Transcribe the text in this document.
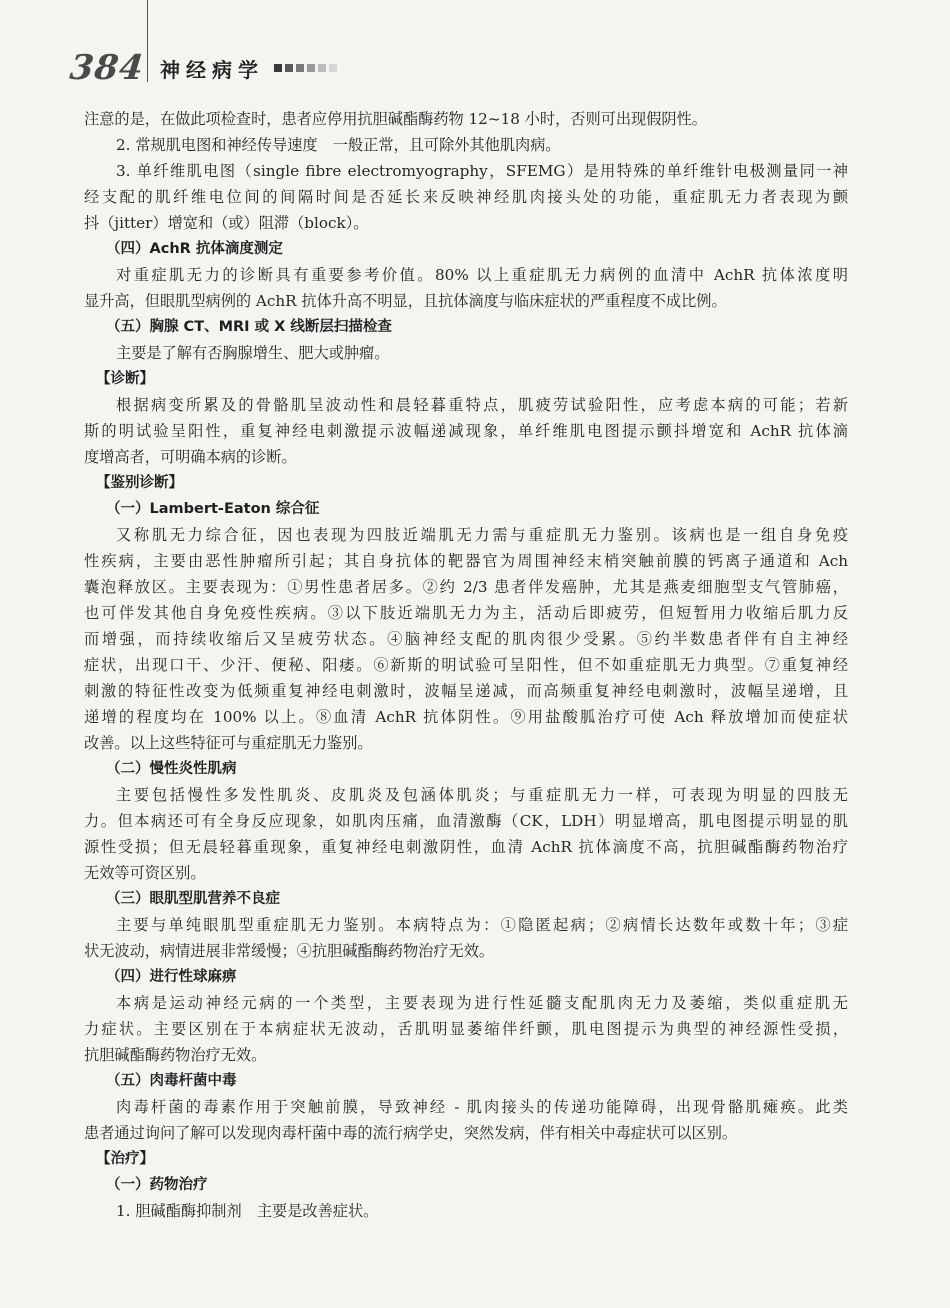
384 神经病学
注意的是，在做此项检查时，患者应停用抗胆碱酯酶药物 12~18 小时，否则可出现假阴性。
2. 常规肌电图和神经传导速度　一般正常，且可除外其他肌肉病。
3. 单纤维肌电图（single fibre electromyography，SFEMG）是用特殊的单纤维针电极测量同一神
经支配的肌纤维电位间的间隔时间是否延长来反映神经肌肉接头处的功能，重症肌无力者表现为颤
抖（jitter）增宽和（或）阻滞（block）。
（四）AchR 抗体滴度测定
对重症肌无力的诊断具有重要参考价值。80% 以上重症肌无力病例的血清中 AchR 抗体浓度明
显升高，但眼肌型病例的 AchR 抗体升高不明显，且抗体滴度与临床症状的严重程度不成比例。
（五）胸腺 CT、MRI 或 X 线断层扫描检查
主要是了解有否胸腺增生、肥大或肿瘤。
【诊断】
根据病变所累及的骨骼肌呈波动性和晨轻暮重特点，肌疲劳试验阳性，应考虑本病的可能；若新
斯的明试验呈阳性，重复神经电刺激提示波幅递减现象，单纤维肌电图提示颤抖增宽和 AchR 抗体滴
度增高者，可明确本病的诊断。
【鉴别诊断】
（一）Lambert-Eaton 综合征
又称肌无力综合征，因也表现为四肢近端肌无力需与重症肌无力鉴别。该病也是一组自身免疫
性疾病，主要由恶性肿瘤所引起；其自身抗体的靶器官为周围神经末梢突触前膜的钙离子通道和 Ach
囊泡释放区。主要表现为：①男性患者居多。②约 2/3 患者伴发癌肿，尤其是燕麦细胞型支气管肺癌，
也可伴发其他自身免疫性疾病。③以下肢近端肌无力为主，活动后即疲劳，但短暂用力收缩后肌力反
而增强，而持续收缩后又呈疲劳状态。④脑神经支配的肌肉很少受累。⑤约半数患者伴有自主神经
症状，出现口干、少汗、便秘、阳痿。⑥新斯的明试验可呈阳性，但不如重症肌无力典型。⑦重复神经
刺激的特征性改变为低频重复神经电刺激时，波幅呈递减，而高频重复神经电刺激时，波幅呈递增，且
递增的程度均在 100% 以上。⑧血清 AchR 抗体阴性。⑨用盐酸胍治疗可使 Ach 释放增加而使症状
改善。以上这些特征可与重症肌无力鉴别。
（二）慢性炎性肌病
主要包括慢性多发性肌炎、皮肌炎及包涵体肌炎；与重症肌无力一样，可表现为明显的四肢无
力。但本病还可有全身反应现象，如肌肉压痛，血清激酶（CK，LDH）明显增高，肌电图提示明显的肌
源性受损；但无晨轻暮重现象，重复神经电刺激阴性，血清 AchR 抗体滴度不高，抗胆碱酯酶药物治疗
无效等可资区别。
（三）眼肌型肌营养不良症
主要与单纯眼肌型重症肌无力鉴别。本病特点为：①隐匿起病；②病情长达数年或数十年；③症
状无波动，病情进展非常缓慢；④抗胆碱酯酶药物治疗无效。
（四）进行性球麻痹
本病是运动神经元病的一个类型，主要表现为进行性延髓支配肌肉无力及萎缩，类似重症肌无
力症状。主要区别在于本病症状无波动，舌肌明显萎缩伴纤颤，肌电图提示为典型的神经源性受损，
抗胆碱酯酶药物治疗无效。
（五）肉毒杆菌中毒
肉毒杆菌的毒素作用于突触前膜，导致神经 - 肌肉接头的传递功能障碍，出现骨骼肌瘫痪。此类
患者通过询问了解可以发现肉毒杆菌中毒的流行病学史，突然发病，伴有相关中毒症状可以区别。
【治疗】
（一）药物治疗
1. 胆碱酯酶抑制剂　主要是改善症状。
